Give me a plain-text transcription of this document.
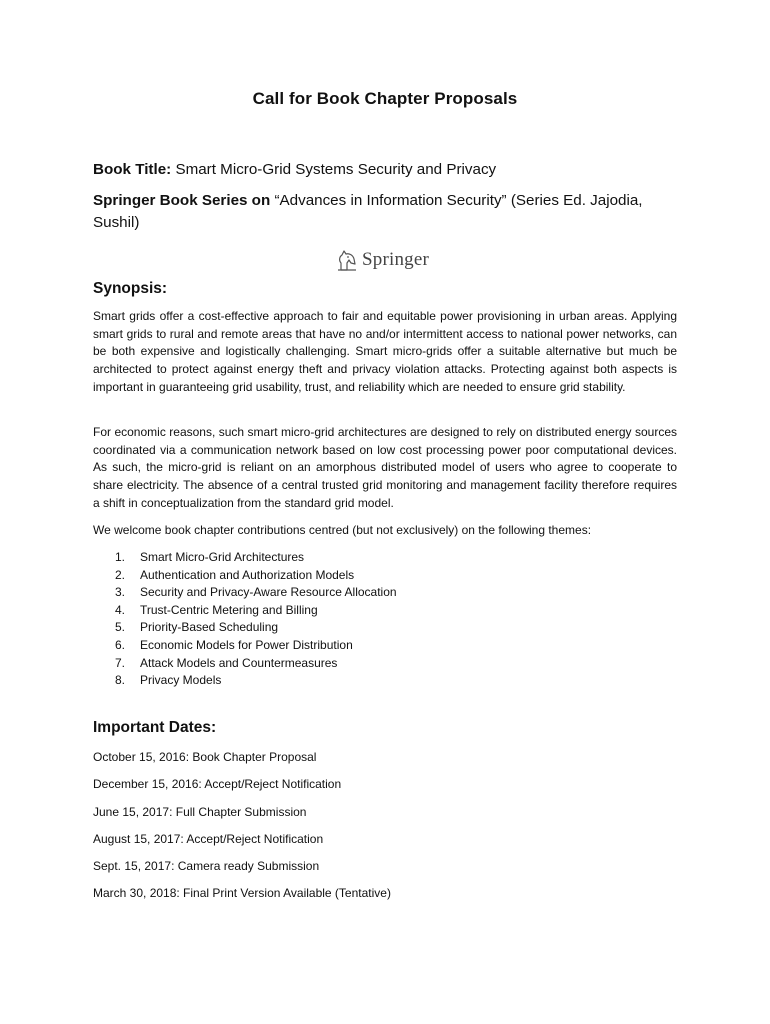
Call for Book Chapter Proposals
Book Title: Smart Micro-Grid Systems Security and Privacy
Springer Book Series on “Advances in Information Security” (Series Ed. Jajodia,
Sushil)
Springer
Synopsis:

Smart grids offer a cost-effective approach to fair and equitable power provisioning in urban areas. Applying smart grids to rural and remote areas that have no and/or intermittent access to national power networks, can be both expensive and logistically challenging. Smart micro-grids offer a suitable alternative but much be architected to protect against energy theft and privacy violation attacks. Protecting against both aspects is important in guaranteeing grid usability, trust, and reliability which are needed to ensure grid stability.

For economic reasons, such smart micro-grid architectures are designed to rely on distributed energy sources coordinated via a communication network based on low cost processing power poor computational devices. As such, the micro-grid is reliant on an amorphous distributed model of users who agree to cooperate to share electricity. The absence of a central trusted grid monitoring and management facility therefore requires a shift in conceptualization from the standard grid model.

We welcome book chapter contributions centred (but not exclusively) on the following themes:
1.	Smart Micro-Grid Architectures
2.	Authentication and Authorization Models
3.	Security and Privacy-Aware Resource Allocation
4.	Trust-Centric Metering and Billing
5.	Priority-Based Scheduling
6.	Economic Models for Power Distribution
7.	Attack Models and Countermeasures
8.	Privacy Models
Important Dates:
October 15, 2016: Book Chapter Proposal
December 15, 2016: Accept/Reject Notification
June 15, 2017: Full Chapter Submission
August 15, 2017: Accept/Reject Notification
Sept. 15, 2017: Camera ready Submission
March 30, 2018: Final Print Version Available (Tentative)
